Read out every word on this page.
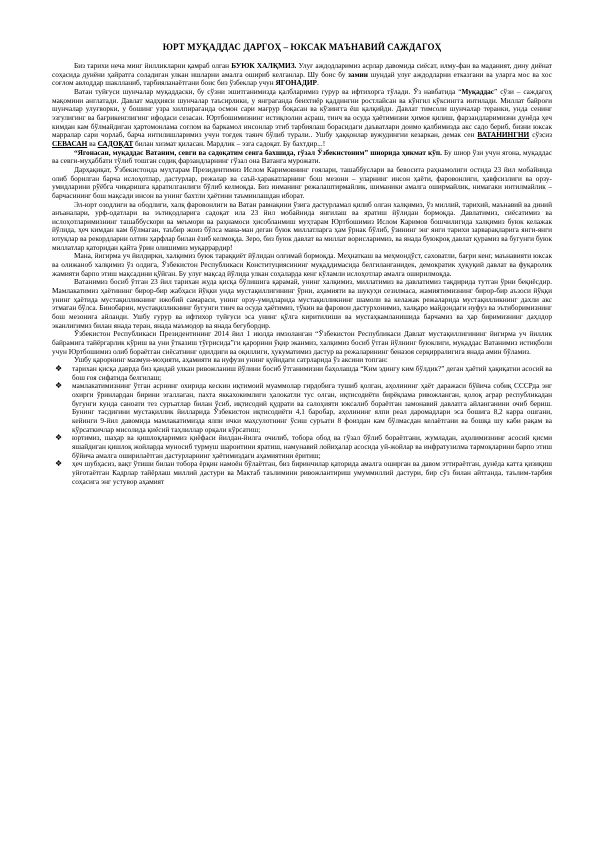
ЮРТ МУҚАДДАС ДАРГОҲ – ЮКСАК МАЪНАВИЙ САЖДАГОҲ

Биз тарихи неча минг йилликларни қамраб олган БУЮК ХАЛҚМИЗ. Улуғ аждодларимиз асрлар давомида сиёсат, илму-фан ва маданият, дину диёнат соҳасида дунёни ҳайратга соладиган улкан ишларни амалга ошириб келганлар. Шу боис бу замин шундай улуғ аждодларни етказгани ва уларга мос ва хос соғлом авлоддар шаклланиб, тарбияланаётгани боис биз ўзбеклар учун ЯГОНАДИР.

Ватан туйғуси шунчалар муқаддаски, бу сўзни эшитганимизда қалбларимиз гурур ва ифтихорга тўлади. Ўз навбатида “Муқаддас” сўзи – саждагоҳ мақомини англатади. Давлат мадҳияси шунчалар таъсирлики, у янграганда беихтиёр қаддингни ростлайсан ва кўнгил кўксингга интилади. Миллат байроғи шунчалар улуғворки, у бошинг узра хилпираганда осмон сари мағрур боқасан ва кўзингга ёш қалқийди. Давлат тимсоли шунчалар теранки, унда сенинг эзгулигинг ва бағрикенглигинг ифодаси сезасан. Юртбошимизнинг истиқлолни асраш, тинч ва осуда ҳаётимизни ҳимоя қилиш, фарзандларимизни дунёда ҳеч кимдан кам бўлмайдиган ҳартомонлама соғлом ва баркамол инсонлар этиб тарбиялаш борасидаги даъватлари доимо қалбимизда акс садо бериб, бизни юксак марралар сари чорлаб, барча интилишларимиз учун тоғдек таянч бўлиб турали.. Ушбу ҳаққонлар вужудингни кезаркан, демак сен ВАТАНИНГНИ сўзсиз СЕВАСАН ва САДОҚАТ билан хизмат қиласан. Мардлик – эзга садоқат. Бу бахтдир...!

“Ягонасан, муқаддас Ватаним, севги ва садоқатим сенга бахшида, гўзал Ўзбекистоним” шиорида ҳикмат кўп. Бу шиор ўзи учун ягона, муқаддас ва севги-муҳаббати тўлиб тошган содиқ фарзандларнинг гўзал она Ватанга мурожати.

Дарҳақиқат, Ўзбекистонда муҳтарам Президентимиз Ислом Каримовнинг ғоялари, ташаббуслари ва бевосита раҳнамолиги остида 23 йил мобайнида олиб борилган барча ислоҳотлар, дастурлар, режалар ва саъй-ҳаракатларнинг бош мезони – уларнинг инсон ҳаёти, фаровонлиги, ҳавфсизлиги ва орзу-умидларини рўёбга чиқаришга қаратилганлиги бўлиб келмоқда. Биз инманинг режалаштирмайлик, шиманики амалга оширмайлик, нимагаки интилмайлик – барчасининг бош мақсади инсон ва унинг бахтли ҳаётини таъминлашдан иборат.

Эл-юрт озодлиги ва ободлиги, халқ фаровонлиги ва Ватан равнақини ўзига дастурламал қилиб олган халқимиз, ўз миллий, тарихий, маънавий ва диний анъаналари, урф-одатлари ва эътиқодларига садоқат ила 23 йил мобайнида янгилаш ва яратиш йўлидан бормоқда. Давлатимиз, сиёсатимиз ва ислоҳотларимизнинг ташаббускори ва меъмори ва раҳнамоси ҳисобланмиш муҳтарам Юртбошимиз Ислом Каримов бошчилигида халқимиз буюк келажак йўлида, ҳеч кимдан кам бўлмаган, таъбир жоиз бўлса мана-ман деган буюк миллатларга ҳам ўрнак бўлиб, ўзининг энг янги тарихи зарварақларига янги-янги ютуқлар ва рекордларни олтин ҳарфлар билан ёзиб келмоқда. Зеро, биз буюк давлат ва миллат ворисларимиз, ва янада буюкроқ давлат қурамиз ва бугунги буюк миллатлар қаторидан қайта ўрин олишимиз муқаррардир!

Мана, йигирма уч йилдирки, халқимиз буюк тараққиёт йўлидан олғимай бормоқда. Меҳнаткаш ва меҳмондўст, саховатли, бағри кенг, маънавияти юксак ва олижаноб халқимиз ўз олдига, Ўзбекистон Республикаси Конституциясининг муқаддимасида белгиланганидек, демократик ҳуқуқий давлат ва фуқаролик жамияти барпо этиш мақсадини қўйган. Бу улуғ мақсад йўлида улкан соҳаларда кенг кўламли ислоҳотлар амалга оширилмоқда.

Ватанимиз босиб ўтган 23 йил тарихан жуда қисқа бўлишига қарамай, унинг халқимиз, миллатимиз ва давлатимиз тақдирида тутган ўрни беқиёсдир. Мамлакатимиз ҳаётининг бирор-бир жабҳаси йўқки унда мустақиллигининг ўрни, аҳамияти ва шукуҳи сезилмаса, жамиятимизнинг бирор-бир аъзоси йўққи унинг ҳаётида мустақилликнинг ижобий самараси, унинг орзу-умидларида мустақилликнинг шамоли ва келажак режаларида мустақилликнинг дахли акс этмаган бўлса. Бинобарин, мустақилликнинг бугунги тинч ва осуда ҳаётимиз, тўкин ва фаровон дастурхонимиз, халқаро майдондаги нуфуз ва эътиборимизнинг бош мезонига айланди. Ушбу ғурур ва ифтихор туйғуси эса унинг қўлга киритилиши ва мустаҳкамланишида барчамиз ва ҳар биримизнинг даҳлдор эканлигимиз билан янада теран, янада маъмодор ва янада бегубордир.

Ўзбекистон Республикаси Президентининг 2014 йил 1 июлда имзоланган “Ўзбекистон Республикаси Давлат мустақиллигининг йигирма уч йиллик байрамига тайёргарлик кўриш ва уни ўтказиш тўғрисида”ги қарорини ўқир эканмиз, халқимиз босиб ўтган йўлнинг буюклиги, муқаддас Ватанимиз истиқболи учун Юртбошимиз олиб бораётган сиёсатнинг одилдиги ва оқиллиги, ҳукуматимиз дастур ва режаларининг беназоя серқирралигига янада амин бўламиз.

Ушбу қарорнинг мазмун-моҳияти, аҳамияти ва нуфузи унинг қуйидаги сатрларида ўз аксини топган:

❖ тарихан қисқа даврда биз қандай улкан ривожланиш йўлини босиб ўтганимизни баҳолашда “Ким эдингу ким бўлдик?” деган ҳаётий ҳақиқатни асосий ва бош ғоя сифатида белгилаш;
❖ мамлакатимизнинг ўтган асрнинг охирида кескин иқтимоий муаммолар гирдобига тушиб қолган, аҳолининг ҳаёт даражаси бўйича собиқ СССРда энг охирги ўринлардан бирини эгаллаган, пахта яккахокимлиги ҳалокатли тус олган, иқтисодиёти бирёқлама ривожланган, қолоқ аграр республикадан бугунги кунда саноати тез суръатлар билан ўсиб, иқтисодий қудрати ва салоҳияти юксалиб бораётган замонавий давлатга айланганини очиб бериш. Бунинг тасдиғини мустақиллик йилларида Ўзбекистон иқтисодиёти 4,1 баробар, аҳолининг ялпи реал даромадлари эса бошига 8,2 карра ошгани, кейинги 9-йил давомида мамлакатимизда ялпи ички маҳсулотнинг ўсиш суръати 8 фоиздан кам бўлмасдан келаётгани ва бошқа шу каби рақам ва кўрсаткичлар мисолида қиёсий таҳлиллар орқали кўрсатиш;
❖ юртимиз, шаҳар ва қишлоқларимиз қиёфаси йилдан-йилга очилиб, тобора обод ва гўзал бўлиб бораётгани, жумладан, аҳолимизнинг асосий қисми яшайдиган қишлоқ жойларда муносиб турмуш шароитини яратиш, намунавий лойиҳалар асосида уй-жойлар ва инфратузилма тармоқларини барпо этиш бўйича амалга оширилаётган дастурларнинг ҳаётимиздаги аҳамиятини ёритиш;
❖ ҳеч шубҳасиз, вақт ўтиши билан тобора ёрқин намоён бўлаётган, биз биринчилар қаторида амалга оширган ва давом эттираётган, дунёда катта қизиқиш уйғотаётган Кадрлар тайёрлаш миллий дастури ва Мактаб таълимини ривожлантириш умуммиллий дастури, бир сўз билан айтганда, таълим-тарбия соҳасига энг устувор аҳамият
